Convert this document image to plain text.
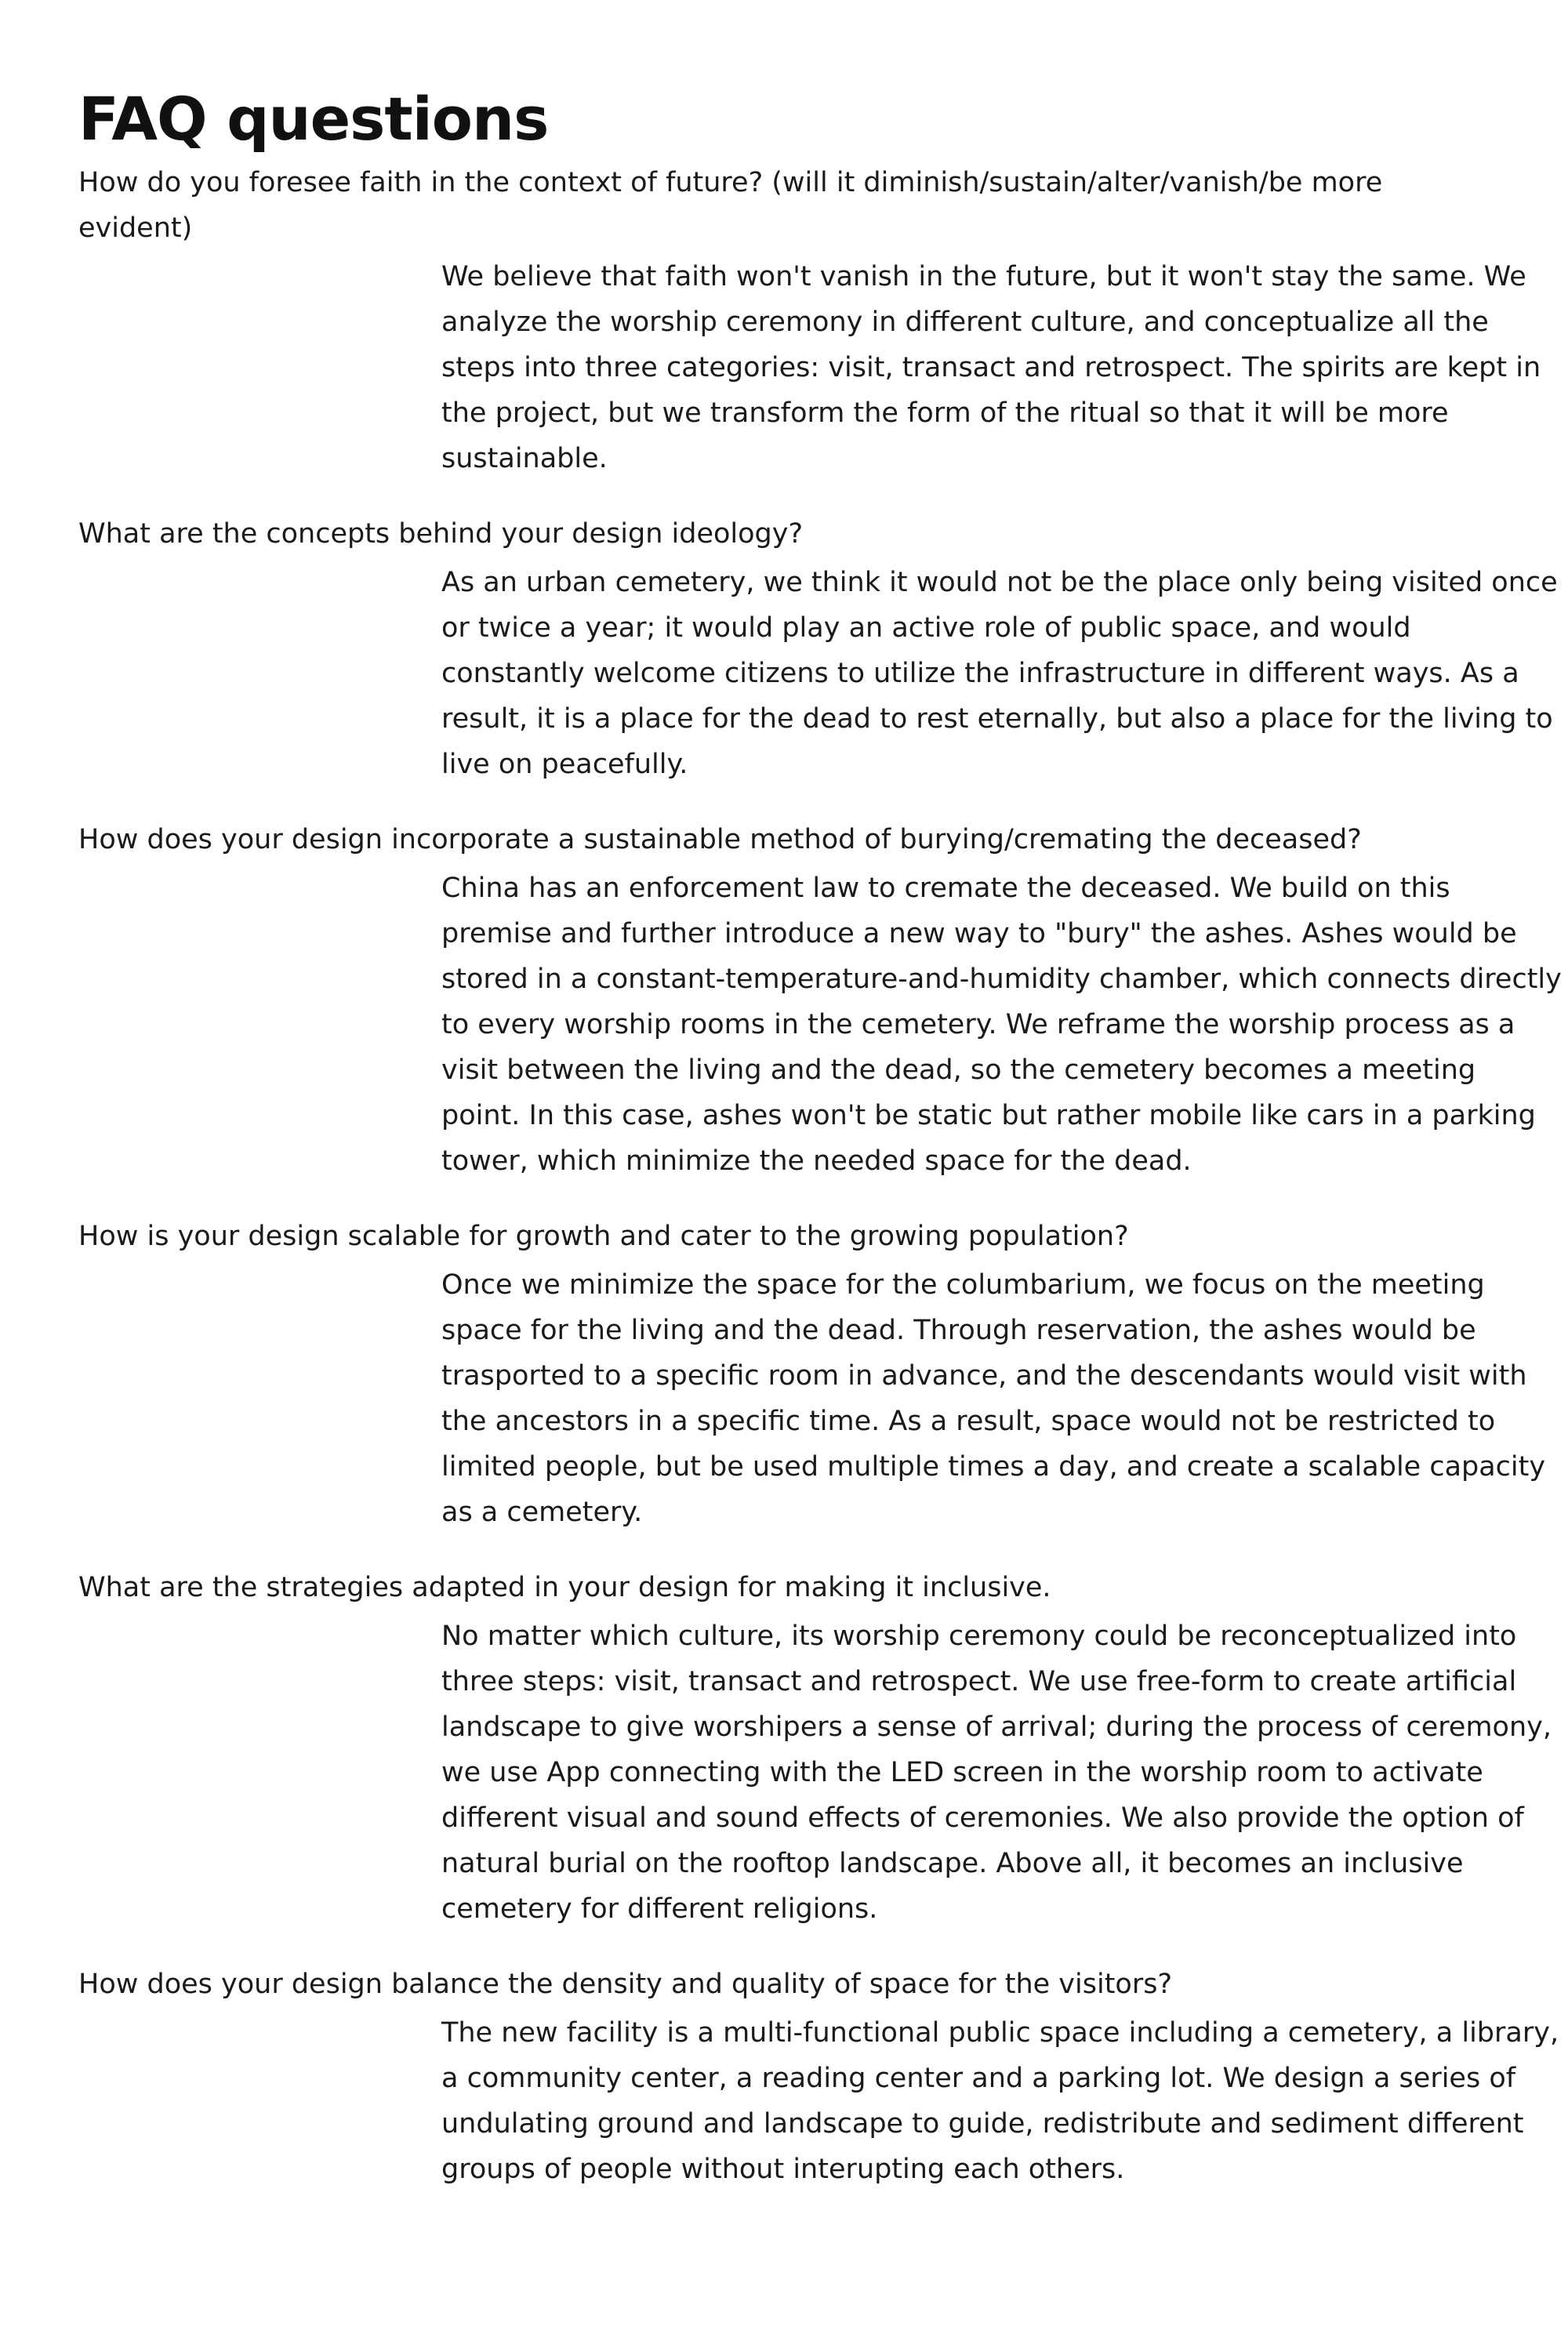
FAQ questions

How do you foresee faith in the context of future? (will it diminish/sustain/alter/vanish/be more evident)

We believe that faith won't vanish in the future, but it won't stay the same. We analyze the worship ceremony in different culture, and conceptualize all the steps into three categories: visit, transact and retrospect. The spirits are kept in the project, but we transform the form of the ritual so that it will be more sustainable.

What are the concepts behind your design ideology?

As an urban cemetery, we think it would not be the place only being visited once or twice a year; it would play an active role of public space, and would constantly welcome citizens to utilize the infrastructure in different ways. As a result, it is a place for the dead to rest eternally, but also a place for the living to live on peacefully.

How does your design incorporate a sustainable method of burying/cremating the deceased?

China has an enforcement law to cremate the deceased. We build on this premise and further introduce a new way to "bury" the ashes. Ashes would be stored in a constant-temperature-and-humidity chamber, which connects directly to every worship rooms in the cemetery. We reframe the worship process as a visit between the living and the dead, so the cemetery becomes a meeting point. In this case, ashes won't be static but rather mobile like cars in a parking tower, which minimize the needed space for the dead.

How is your design scalable for growth and cater to the growing population?

Once we minimize the space for the columbarium, we focus on the meeting space for the living and the dead. Through reservation, the ashes would be trasported to a specific room in advance, and the descendants would visit with the ancestors in a specific time. As a result, space would not be restricted to limited people, but be used multiple times a day, and create a scalable capacity as a cemetery.

What are the strategies adapted in your design for making it inclusive.

No matter which culture, its worship ceremony could be reconceptualized into three steps: visit, transact and retrospect. We use free-form to create artificial landscape to give worshipers a sense of arrival; during the process of ceremony, we use App connecting with the LED screen in the worship room to activate different visual and sound effects of ceremonies. We also provide the option of natural burial on the rooftop landscape. Above all, it becomes an inclusive cemetery for different religions.

How does your design balance the density and quality of space for the visitors?

The new facility is a multi-functional public space including a cemetery, a library, a community center, a reading center and a parking lot. We design a series of undulating ground and landscape to guide, redistribute and sediment different groups of people without interupting each others.
